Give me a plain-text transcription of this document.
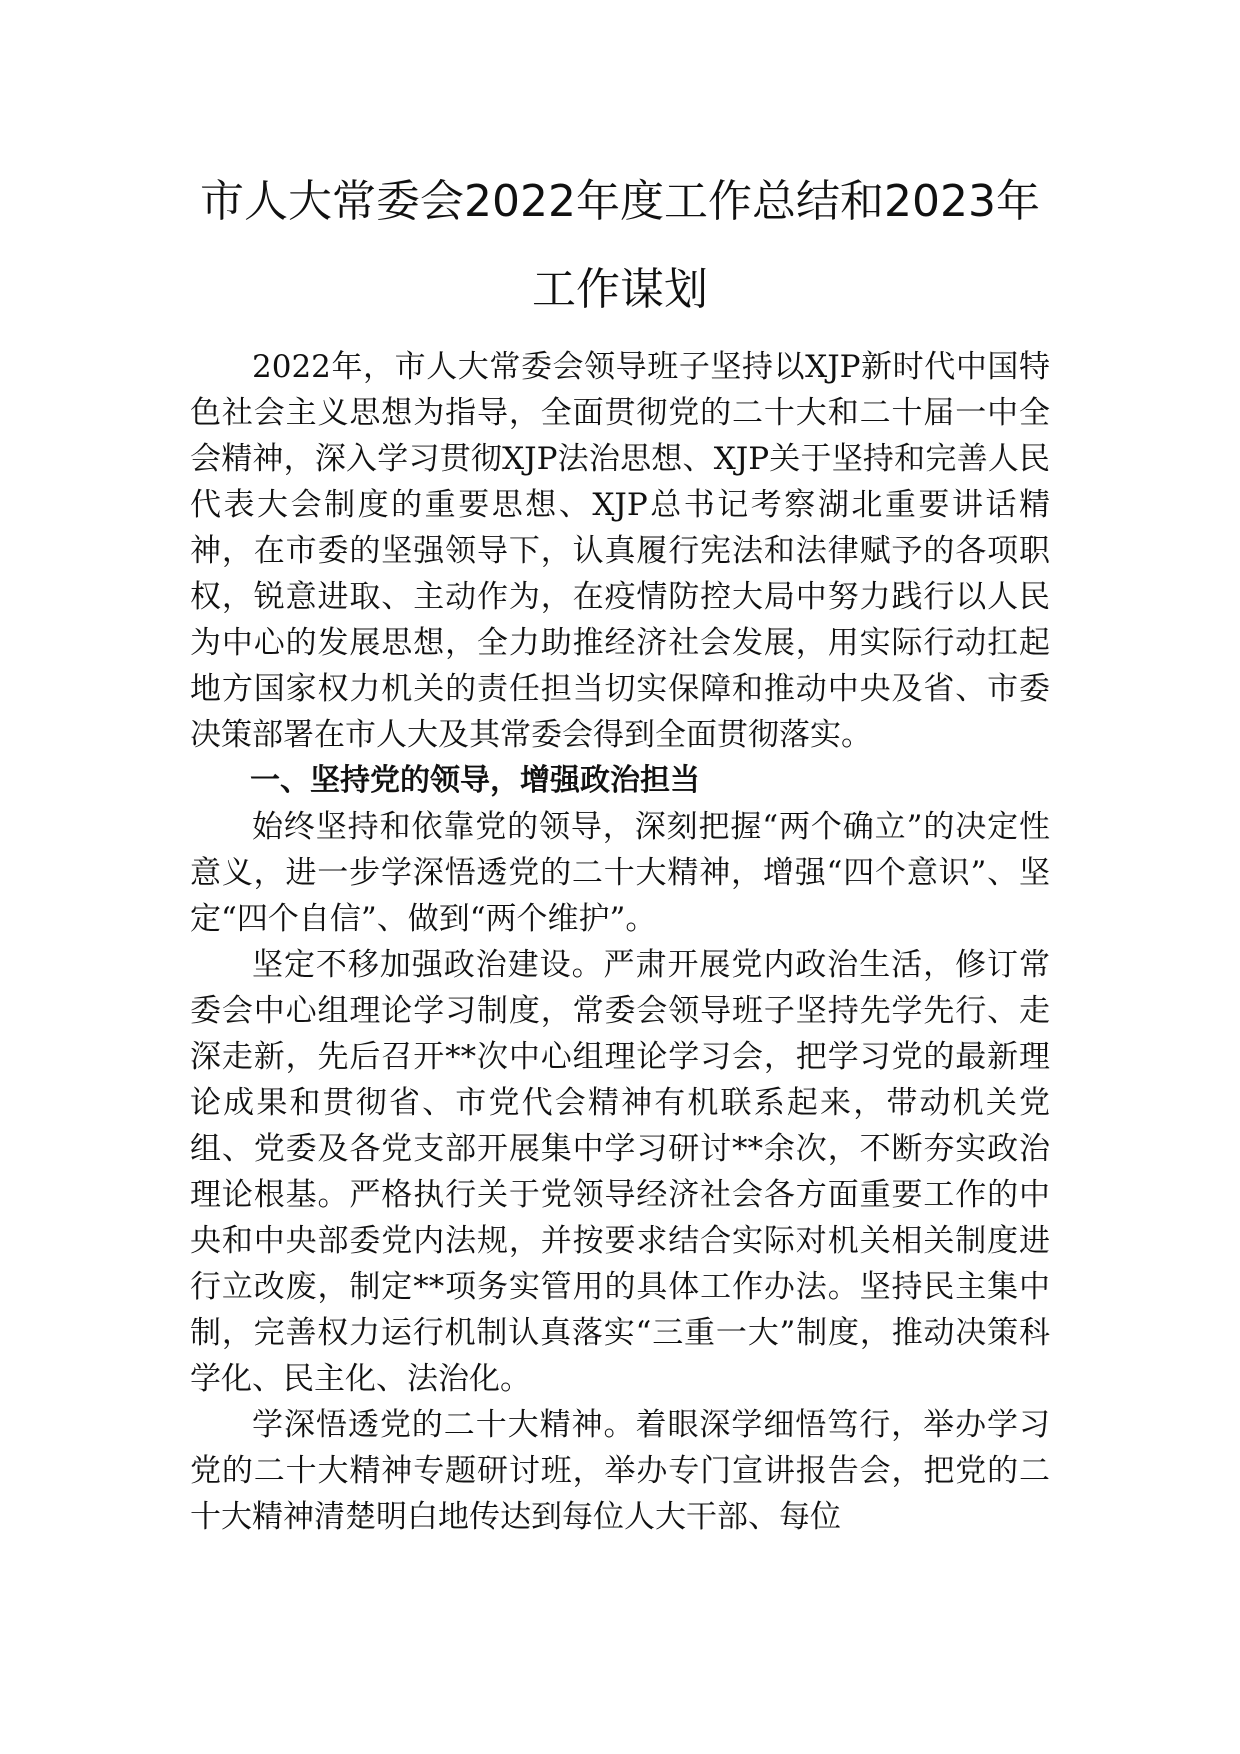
市人大常委会2022年度工作总结和2023年
工作谋划

2022年，市人大常委会领导班子坚持以XJP新时代中国特色社会主义思想为指导，全面贯彻党的二十大和二十届一中全会精神，深入学习贯彻XJP法治思想、XJP关于坚持和完善人民代表大会制度的重要思想、XJP总书记考察湖北重要讲话精神，在市委的坚强领导下，认真履行宪法和法律赋予的各项职权，锐意进取、主动作为，在疫情防控大局中努力践行以人民为中心的发展思想，全力助推经济社会发展，用实际行动扛起地方国家权力机关的责任担当切实保障和推动中央及省、市委决策部署在市人大及其常委会得到全面贯彻落实。

一、坚持党的领导，增强政治担当

始终坚持和依靠党的领导，深刻把握“两个确立”的决定性意义，进一步学深悟透党的二十大精神，增强“四个意识”、坚定“四个自信”、做到“两个维护”。

坚定不移加强政治建设。严肃开展党内政治生活，修订常委会中心组理论学习制度，常委会领导班子坚持先学先行、走深走新，先后召开**次中心组理论学习会，把学习党的最新理论成果和贯彻省、市党代会精神有机联系起来，带动机关党组、党委及各党支部开展集中学习研讨**余次，不断夯实政治理论根基。严格执行关于党领导经济社会各方面重要工作的中央和中央部委党内法规，并按要求结合实际对机关相关制度进行立改废，制定**项务实管用的具体工作办法。坚持民主集中制，完善权力运行机制认真落实“三重一大”制度，推动决策科学化、民主化、法治化。

学深悟透党的二十大精神。着眼深学细悟笃行，举办学习党的二十大精神专题研讨班，举办专门宣讲报告会，把党的二十大精神清楚明白地传达到每位人大干部、每位
